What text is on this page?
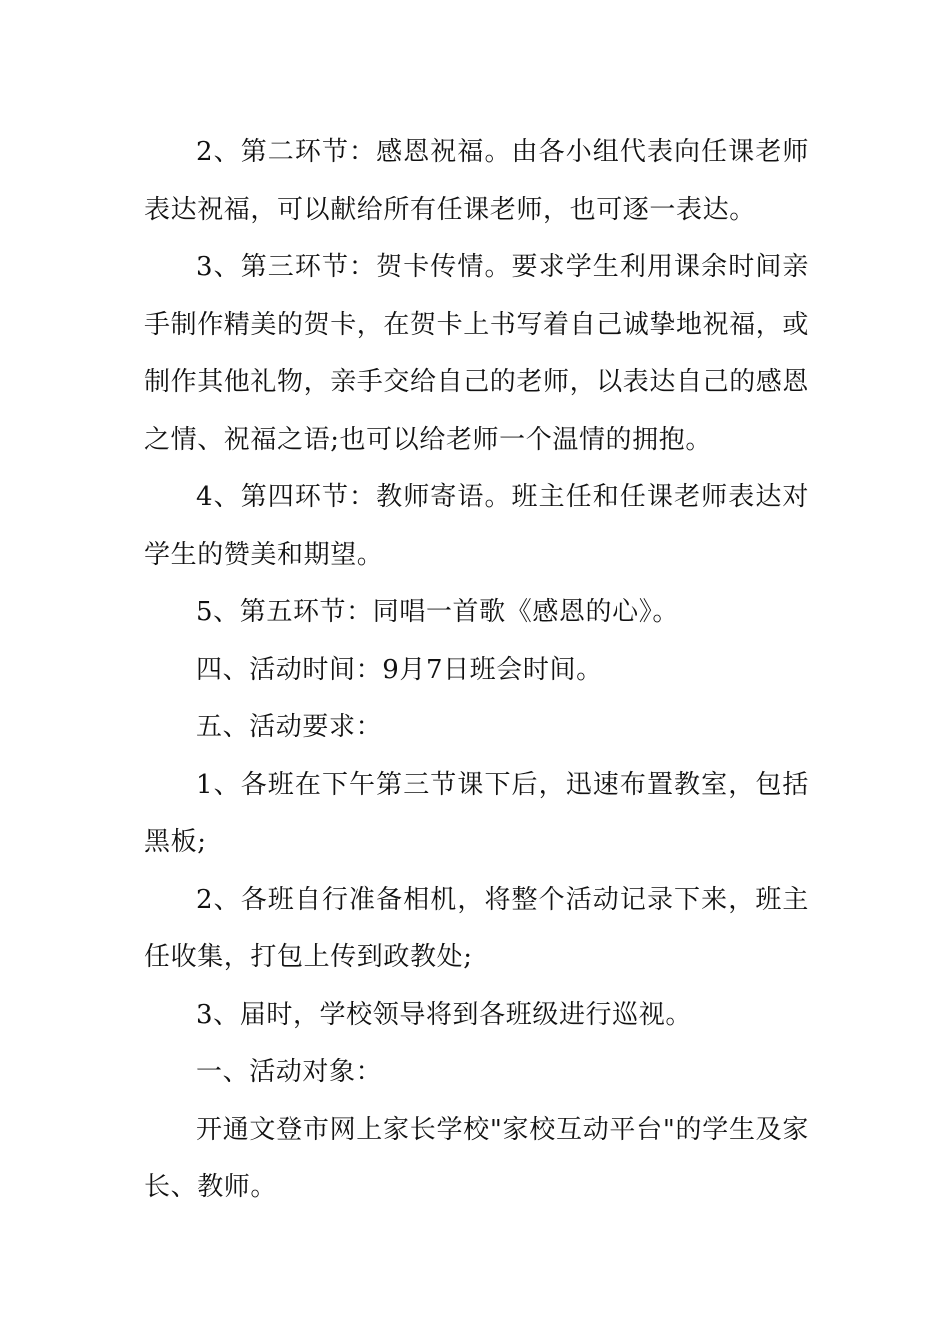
2、第二环节：感恩祝福。由各小组代表向任课老师表达祝福，可以献给所有任课老师，也可逐一表达。

3、第三环节：贺卡传情。要求学生利用课余时间亲手制作精美的贺卡，在贺卡上书写着自己诚挚地祝福，或制作其他礼物，亲手交给自己的老师，以表达自己的感恩之情、祝福之语;也可以给老师一个温情的拥抱。

4、第四环节：教师寄语。班主任和任课老师表达对学生的赞美和期望。

5、第五环节：同唱一首歌《感恩的心》。

四、活动时间：9月7日班会时间。

五、活动要求：

1、各班在下午第三节课下后，迅速布置教室，包括黑板;

2、各班自行准备相机，将整个活动记录下来，班主任收集，打包上传到政教处;

3、届时，学校领导将到各班级进行巡视。

一、活动对象：

开通文登市网上家长学校"家校互动平台"的学生及家长、教师。
